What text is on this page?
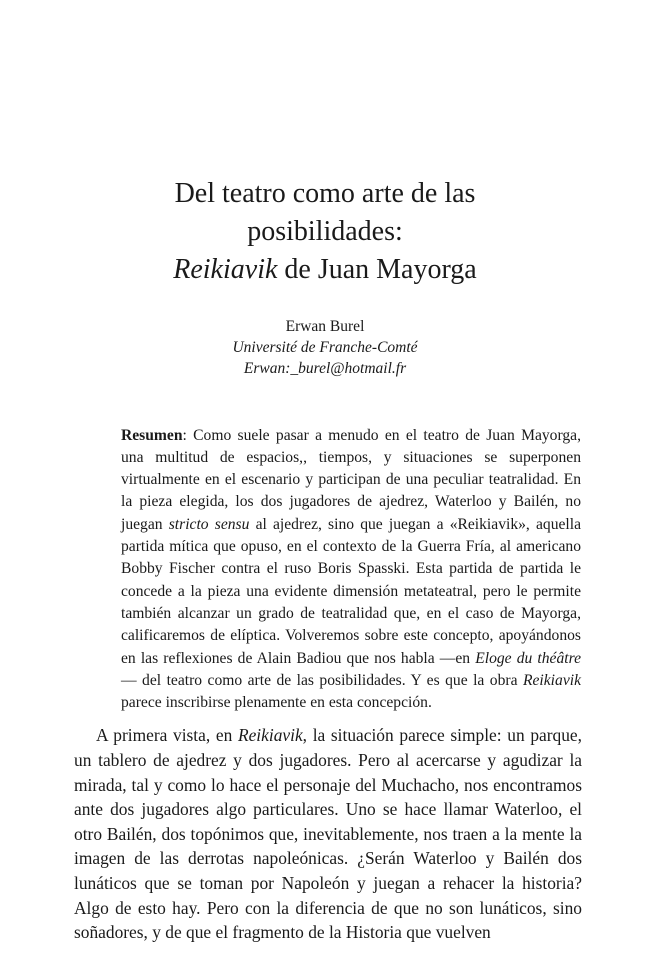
Del teatro como arte de las
posibilidades:
Reikiavik de Juan Mayorga
Erwan Burel
Université de Franche-Comté
Erwan:_burel@hotmail.fr

Resumen: Como suele pasar a menudo en el teatro de Juan Mayorga, una multitud de espacios,, tiempos, y situaciones se superponen virtualmente en el escenario y participan de una peculiar teatralidad. En la pieza elegida, los dos jugadores de ajedrez, Waterloo y Bailén, no juegan stricto sensu al ajedrez, sino que juegan a «Reikiavik», aquella partida mítica que opuso, en el contexto de la Guerra Fría, al americano Bobby Fischer contra el ruso Boris Spasski. Esta partida de partida le concede a la pieza una evidente dimensión metateatral, pero le permite también alcanzar un grado de teatralidad que, en el caso de Mayorga, calificaremos de elíptica. Volveremos sobre este concepto, apoyándonos en las reflexiones de Alain Badiou que nos habla —en Eloge du théâtre— del teatro como arte de las posibilidades. Y es que la obra Reikiavik parece inscribirse plenamente en esta concepción.

A primera vista, en Reikiavik, la situación parece simple: un parque, un tablero de ajedrez y dos jugadores. Pero al acercarse y agudizar la mirada, tal y como lo hace el personaje del Muchacho, nos encontramos ante dos jugadores algo particulares. Uno se hace llamar Waterloo, el otro Bailén, dos topónimos que, inevitablemente, nos traen a la mente la imagen de las derrotas napoleónicas. ¿Serán Waterloo y Bailén dos lunáticos que se toman por Napoleón y juegan a rehacer la historia? Algo de esto hay. Pero con la diferencia de que no son lunáticos, sino soñadores, y de que el fragmento de la Historia que vuelven
